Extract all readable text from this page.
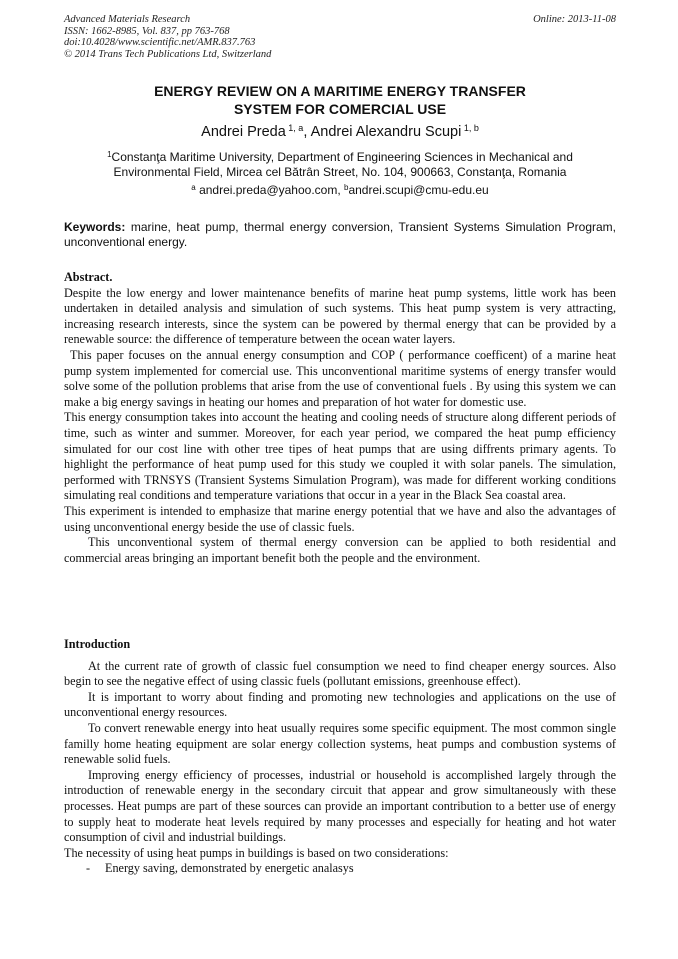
Advanced Materials Research
ISSN: 1662-8985, Vol. 837, pp 763-768
doi:10.4028/www.scientific.net/AMR.837.763
© 2014 Trans Tech Publications Ltd, Switzerland
Online: 2013-11-08
ENERGY REVIEW ON A MARITIME ENERGY TRANSFER
SYSTEM FOR COMERCIAL USE
Andrei Preda $^{1, a}$, Andrei Alexandru Scupi $^{1, b}$
$^1$Constanţa Maritime University, Department of Engineering Sciences in Mechanical and
Environmental Field, Mircea cel Bătrân Street, No. 104, 900663, Constanţa, Romania
$^a$ andrei.preda@yahoo.com, $^b$andrei.scupi@cmu-edu.eu
Keywords: marine, heat pump, thermal energy conversion, Transient Systems Simulation Program, unconventional energy.

Abstract.

Despite the low energy and lower maintenance benefits of marine heat pump systems, little work has been undertaken in detailed analysis and simulation of such systems. This heat pump system is very attracting, increasing research interests, since the system can be powered by thermal energy that can be provided by a renewable source: the difference of temperature between the ocean water layers.

This paper focuses on the annual energy consumption and COP ( performance coefficent) of a marine heat pump system implemented for comercial use. This unconventional maritime systems of energy transfer would solve some of the pollution problems that arise from the use of conventional fuels . By using this system we can make a big energy savings in heating our homes and preparation of hot water for domestic use.

This energy consumption takes into account the heating and cooling needs of structure along different periods of time, such as winter and summer. Moreover, for each year period, we compared the heat pump efficiency simulated for our cost line with other tree tipes of heat pumps that are using diffrents primary agents. To highlight the performance of heat pump used for this study we coupled it with solar panels. The simulation, performed with TRNSYS (Transient Systems Simulation Program), was made for different working conditions simulating real conditions and temperature variations that occur in a year in the Black Sea coastal area.

This experiment is intended to emphasize that marine energy potential that we have and also the advantages of using unconventional energy beside the use of classic fuels.

This unconventional system of thermal energy conversion can be applied to both residential and commercial areas bringing an important benefit both the people and the environment.

Introduction

At the current rate of growth of classic fuel consumption we need to find cheaper energy sources. Also begin to see the negative effect of using classic fuels (pollutant emissions, greenhouse effect).

It is important to worry about finding and promoting new technologies and applications on the use of unconventional energy resources.

To convert renewable energy into heat usually requires some specific equipment. The most common single familly home heating equipment are solar energy collection systems, heat pumps and combustion systems of renewable solid fuels.

Improving energy efficiency of processes, industrial or household is accomplished largely through the introduction of renewable energy in the secondary circuit that appear and grow simultaneously with these processes. Heat pumps are part of these sources can provide an important contribution to a better use of energy to supply heat to moderate heat levels required by many processes and especially for heating and hot water consumption of civil and industrial buildings.

The necessity of using heat pumps in buildings is based on two considerations:

-	Energy saving, demonstrated by energetic analasys
